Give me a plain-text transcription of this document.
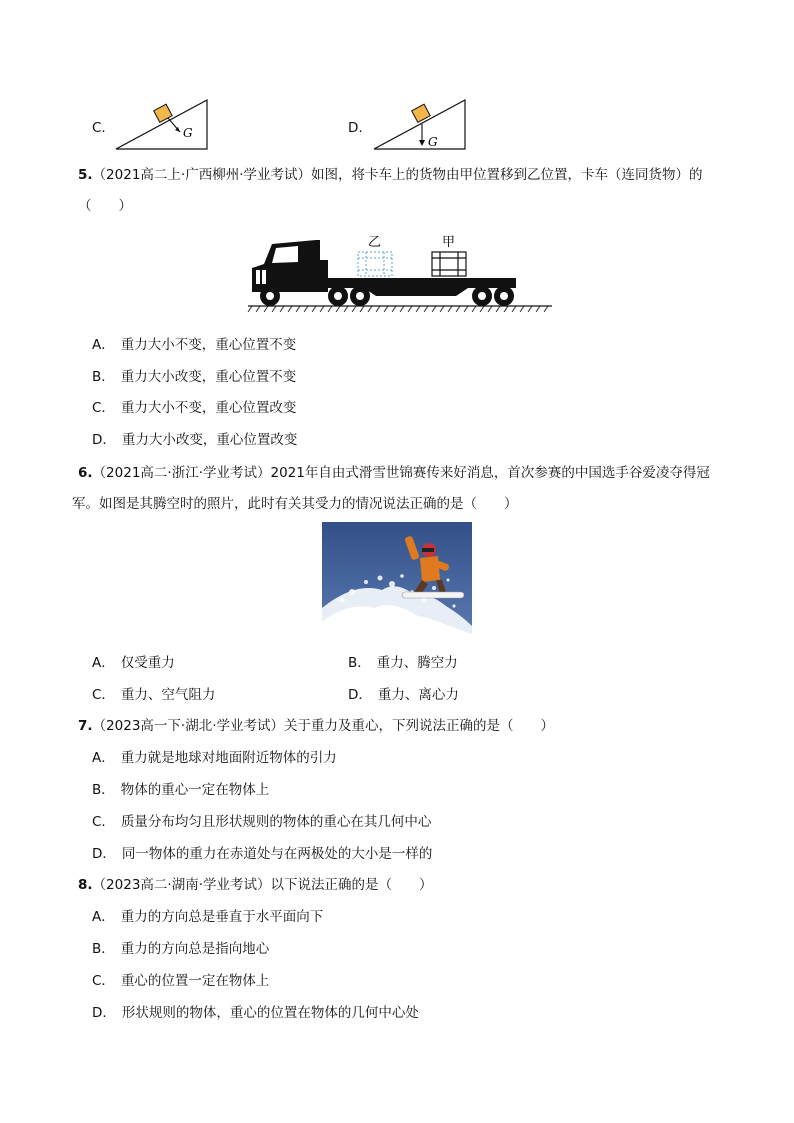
C.	G	D.
G
5.（2021高二上·广西柳州·学业考试）如图，将卡车上的货物由甲位置移到乙位置，卡车（连同货物）的
（　　）
乙	甲
A． 重力大小不变，重心位置不变
B． 重力大小改变，重心位置不变
C． 重力大小不变，重心位置改变
D． 重力大小改变，重心位置改变
6.（2021高二·浙江·学业考试）2021年自由式滑雪世锦赛传来好消息，首次参赛的中国选手谷爱凌夺得冠
军。如图是其腾空时的照片，此时有关其受力的情况说法正确的是（　　）
A． 仅受重力	B． 重力、腾空力
C． 重力、空气阻力	D． 重力、离心力
7.（2023高一下·湖北·学业考试）关于重力及重心，下列说法正确的是（　　）
A． 重力就是地球对地面附近物体的引力
B． 物体的重心一定在物体上
C． 质量分布均匀且形状规则的物体的重心在其几何中心
D． 同一物体的重力在赤道处与在两极处的大小是一样的
8.（2023高二·湖南·学业考试）以下说法正确的是（　　）
A． 重力的方向总是垂直于水平面向下
B． 重力的方向总是指向地心
C． 重心的位置一定在物体上
D． 形状规则的物体，重心的位置在物体的几何中心处
